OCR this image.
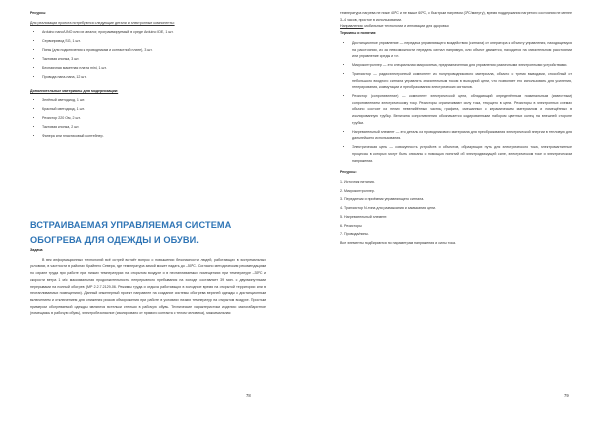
Ресурсы
Для реализации проекта потребуются следующие детали и электронные компоненты:
• Arduino nano/UNO или их аналог, программируемый в среде Arduino IDE, 1 шт.
• Сервопривод SG, 1 шт.
• Пины (для подключения к проводникам и контактной плате), 3 шт.
• Тактовая кнопка, 3 шт.
• Беспаячная макетная плата mini, 1 шт.
• Провода папа-папа, 12 шт.
Дополнительные материалы для модернизации:
• Зелёный светодиод, 1 шт.
• Красный светодиод, 1 шт.
• Резистор 220 Ом, 2 шт.
• Тактовая кнопка, 2 шт.
• Фанера или пластиковый контейнер.
ВСТРАИВАЕМАЯ УПРАВЛЯЕМАЯ СИСТЕМА ОБОГРЕВА ДЛЯ ОДЕЖДЫ И ОБУВИ.
Задача
В век информационных технологий всё острей встаёт вопрос о повышении безопасности людей, работающих в экстремальных условиях, в частности в районах Крайнего Севера, где температура зимой может падать до –50ºС. Согласно методическим рекомендациям по охране труда при работе при низких температурах на открытом воздухе и в неотапливаемых помещениях при температуре –35ºС и скорости ветра 1 м/с максимальная продолжительность непрерывного пребывания на холоде составляет 39 мин. с двухминутными перерывами на полный обогрев (МР 2.2.7.2129-06. Режимы труда и отдыха работающих в холодное время на открытой территории или в неотапливаемых помещениях). Данный инженерный проект направлен на создание системы обогрева верхней одежды с дистанционным включением и отключением для снижения рисков обморожения при работе в условиях низких температур на открытом воздухе. Простым примером обогреваемой одежды являются встельки стельки в рабочую обувь. Технические характеристики изделия: малогабаритное (помещаясь в рабочую обувь), электробезопасное (изолировано от прямого контакта с телом человека), максимальная
78
температура нагрева не ниже 40ºС и не выше 60ºС, с быстрым нагревом (3ºС/минуту), время поддержания нагретого состояния не менее 3–4 часов, простое в использовании.
Направления: мобильные технологии и инновации для здоровья
Термины и понятия:
• Дистанционное управление — передача управляющего воздействия (сигнала) от оператора к объекту управления, находящемуся на расстоянии, из за невозможности передать сигнал напрямую, или объект движется, находится на значительном расстоянии или управление среды и т.п.
• Микроконтроллер — это специальная микросхема, предназначенная для управления различными электронными устройствами.
• Транзистор — радиоэлектронный компонент из полупроводникового материала, обычно с тремя выводами, способный от небольшого входного сигнала управлять значительным током в выходной цепи, что позволяет его использовать для усиления, генерирования, коммутации и преобразования электрических сигналов.
• Резистор (сопротивление) — компонент электрической цепи, обладающий определённым номинальным (известным) сопротивлением электрическому току. Резисторы ограничивают силу тока, текущего в цепи. Резисторы в электронных схемах обычно состоят из нелих невелийённых частиц графита, смешанных с керамическим материалом и помещённых в изолированную трубку. Величина сопротивления обозначается кодированными набором цветных колец на внешней стороне трубки.
• Нагревательный элемент — это деталь из проводникового материала для преобразования электрической энергии в тепловую для дальнейшего использования.
• Электрическая цепь — совокупность устройств и объектов, образующих путь для электрического тока, электромагнитные процессы в которых могут быть описаны с помощью понятий об электродвижущей силе, электрическом токе и электрическом напряжении.
Ресурсы:
1. Источник питания.
2. Микроконтроллер.
3. Передатчик и приёмник управляющего сигнала.
4. Транзистор N-типа для размыкания и замыкания цепи.
5. Нагревательный элемент.
6. Резисторы
7. Провода/пины.
Все элементы подбираются по параметрам напряжения и силы тока.
79
